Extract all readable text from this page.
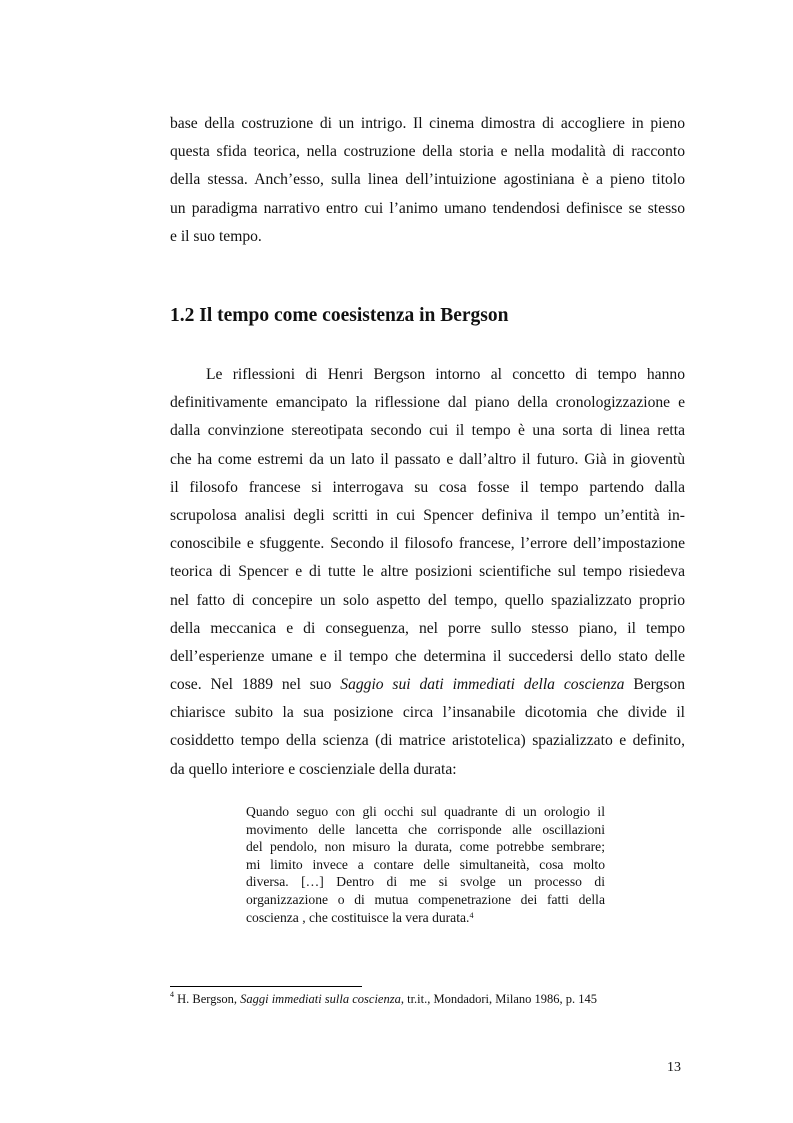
base della costruzione di un intrigo. Il cinema dimostra di accogliere in pieno
questa sfida teorica, nella costruzione della storia e nella modalità di racconto
della stessa. Anch’esso, sulla linea dell’intuizione agostiniana è a pieno titolo
un paradigma narrativo entro cui l’animo umano tendendosi definisce se stesso
e il suo tempo.
1.2 Il tempo come coesistenza in Bergson
Le riflessioni di Henri Bergson intorno al concetto di tempo hanno
definitivamente emancipato la riflessione dal piano della cronologizzazione e
dalla convinzione stereotipata secondo cui il tempo è una sorta di linea retta
che ha come estremi da un lato il passato e dall’altro il futuro. Già in gioventù
il filosofo francese si interrogava su cosa fosse il tempo partendo dalla
scrupolosa analisi degli scritti in cui Spencer definiva il tempo un’entità in-
conoscibile e sfuggente. Secondo il filosofo francese, l’errore dell’impostazione
teorica di Spencer e di tutte le altre posizioni scientifiche sul tempo risiedeva
nel fatto di concepire un solo aspetto del tempo, quello spazializzato proprio
della meccanica e di conseguenza, nel porre sullo stesso piano, il tempo
dell’esperienze umane e il tempo che determina il succedersi dello stato delle
cose. Nel 1889 nel suo Saggio sui dati immediati della coscienza Bergson
chiarisce subito la sua posizione circa l’insanabile dicotomia che divide il
cosiddetto tempo della scienza (di matrice aristotelica) spazializzato e definito,
da quello interiore e coscienziale della durata:
Quando seguo con gli occhi sul quadrante di un orologio il
movimento delle lancetta che corrisponde alle oscillazioni
del pendolo, non misuro la durata, come potrebbe sembrare;
mi limito invece a contare delle simultaneità, cosa molto
diversa. […] Dentro di me si svolge un processo di
organizzazione o di mutua compenetrazione dei fatti della
coscienza , che costituisce la vera durata.$^4$
$^4$ H. Bergson, Saggi immediati sulla coscienza, tr.it., Mondadori, Milano 1986, p. 145
13
